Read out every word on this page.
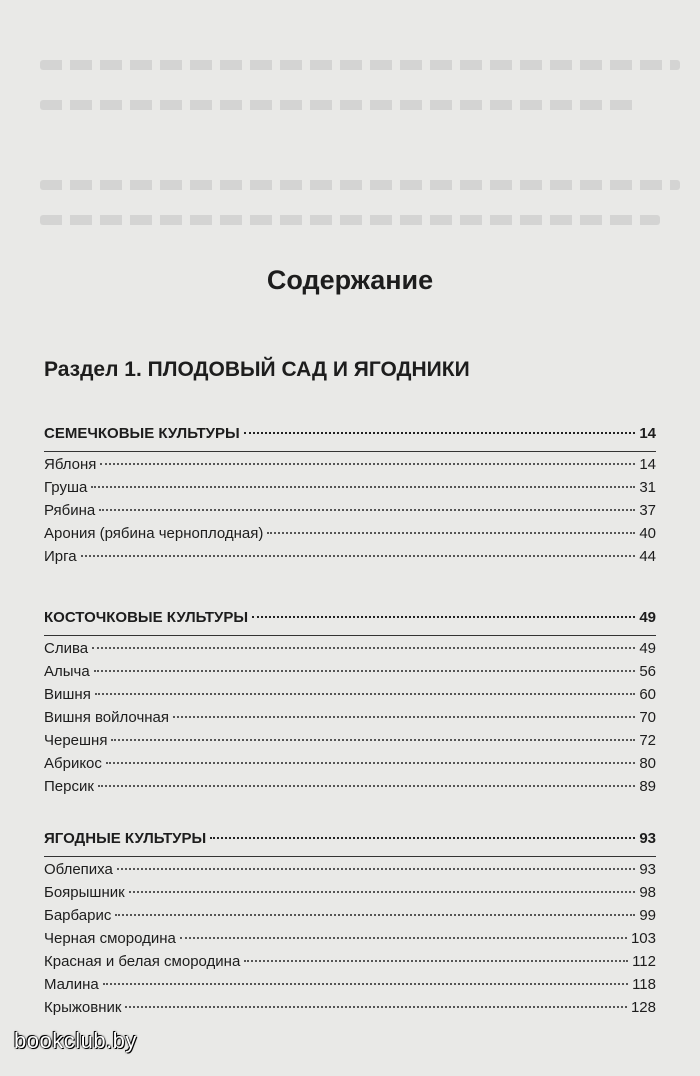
Содержание
Раздел 1. ПЛОДОВЫЙ САД И ЯГОДНИКИ
СЕМЕЧКОВЫЕ КУЛЬТУРЫ	14
Яблоня	14
Груша	31
Рябина	37
Арония (рябина черноплодная)	40
Ирга	44
КОСТОЧКОВЫЕ КУЛЬТУРЫ	49
Слива	49
Алыча	56
Вишня	60
Вишня войлочная	70
Черешня	72
Абрикос	80
Персик	89
ЯГОДНЫЕ КУЛЬТУРЫ	93
Облепиха	93
Боярышник	98
Барбарис	99
Черная смородина	103
Красная и белая смородина	112
Малина	118
Крыжовник	128
bookclub.by
